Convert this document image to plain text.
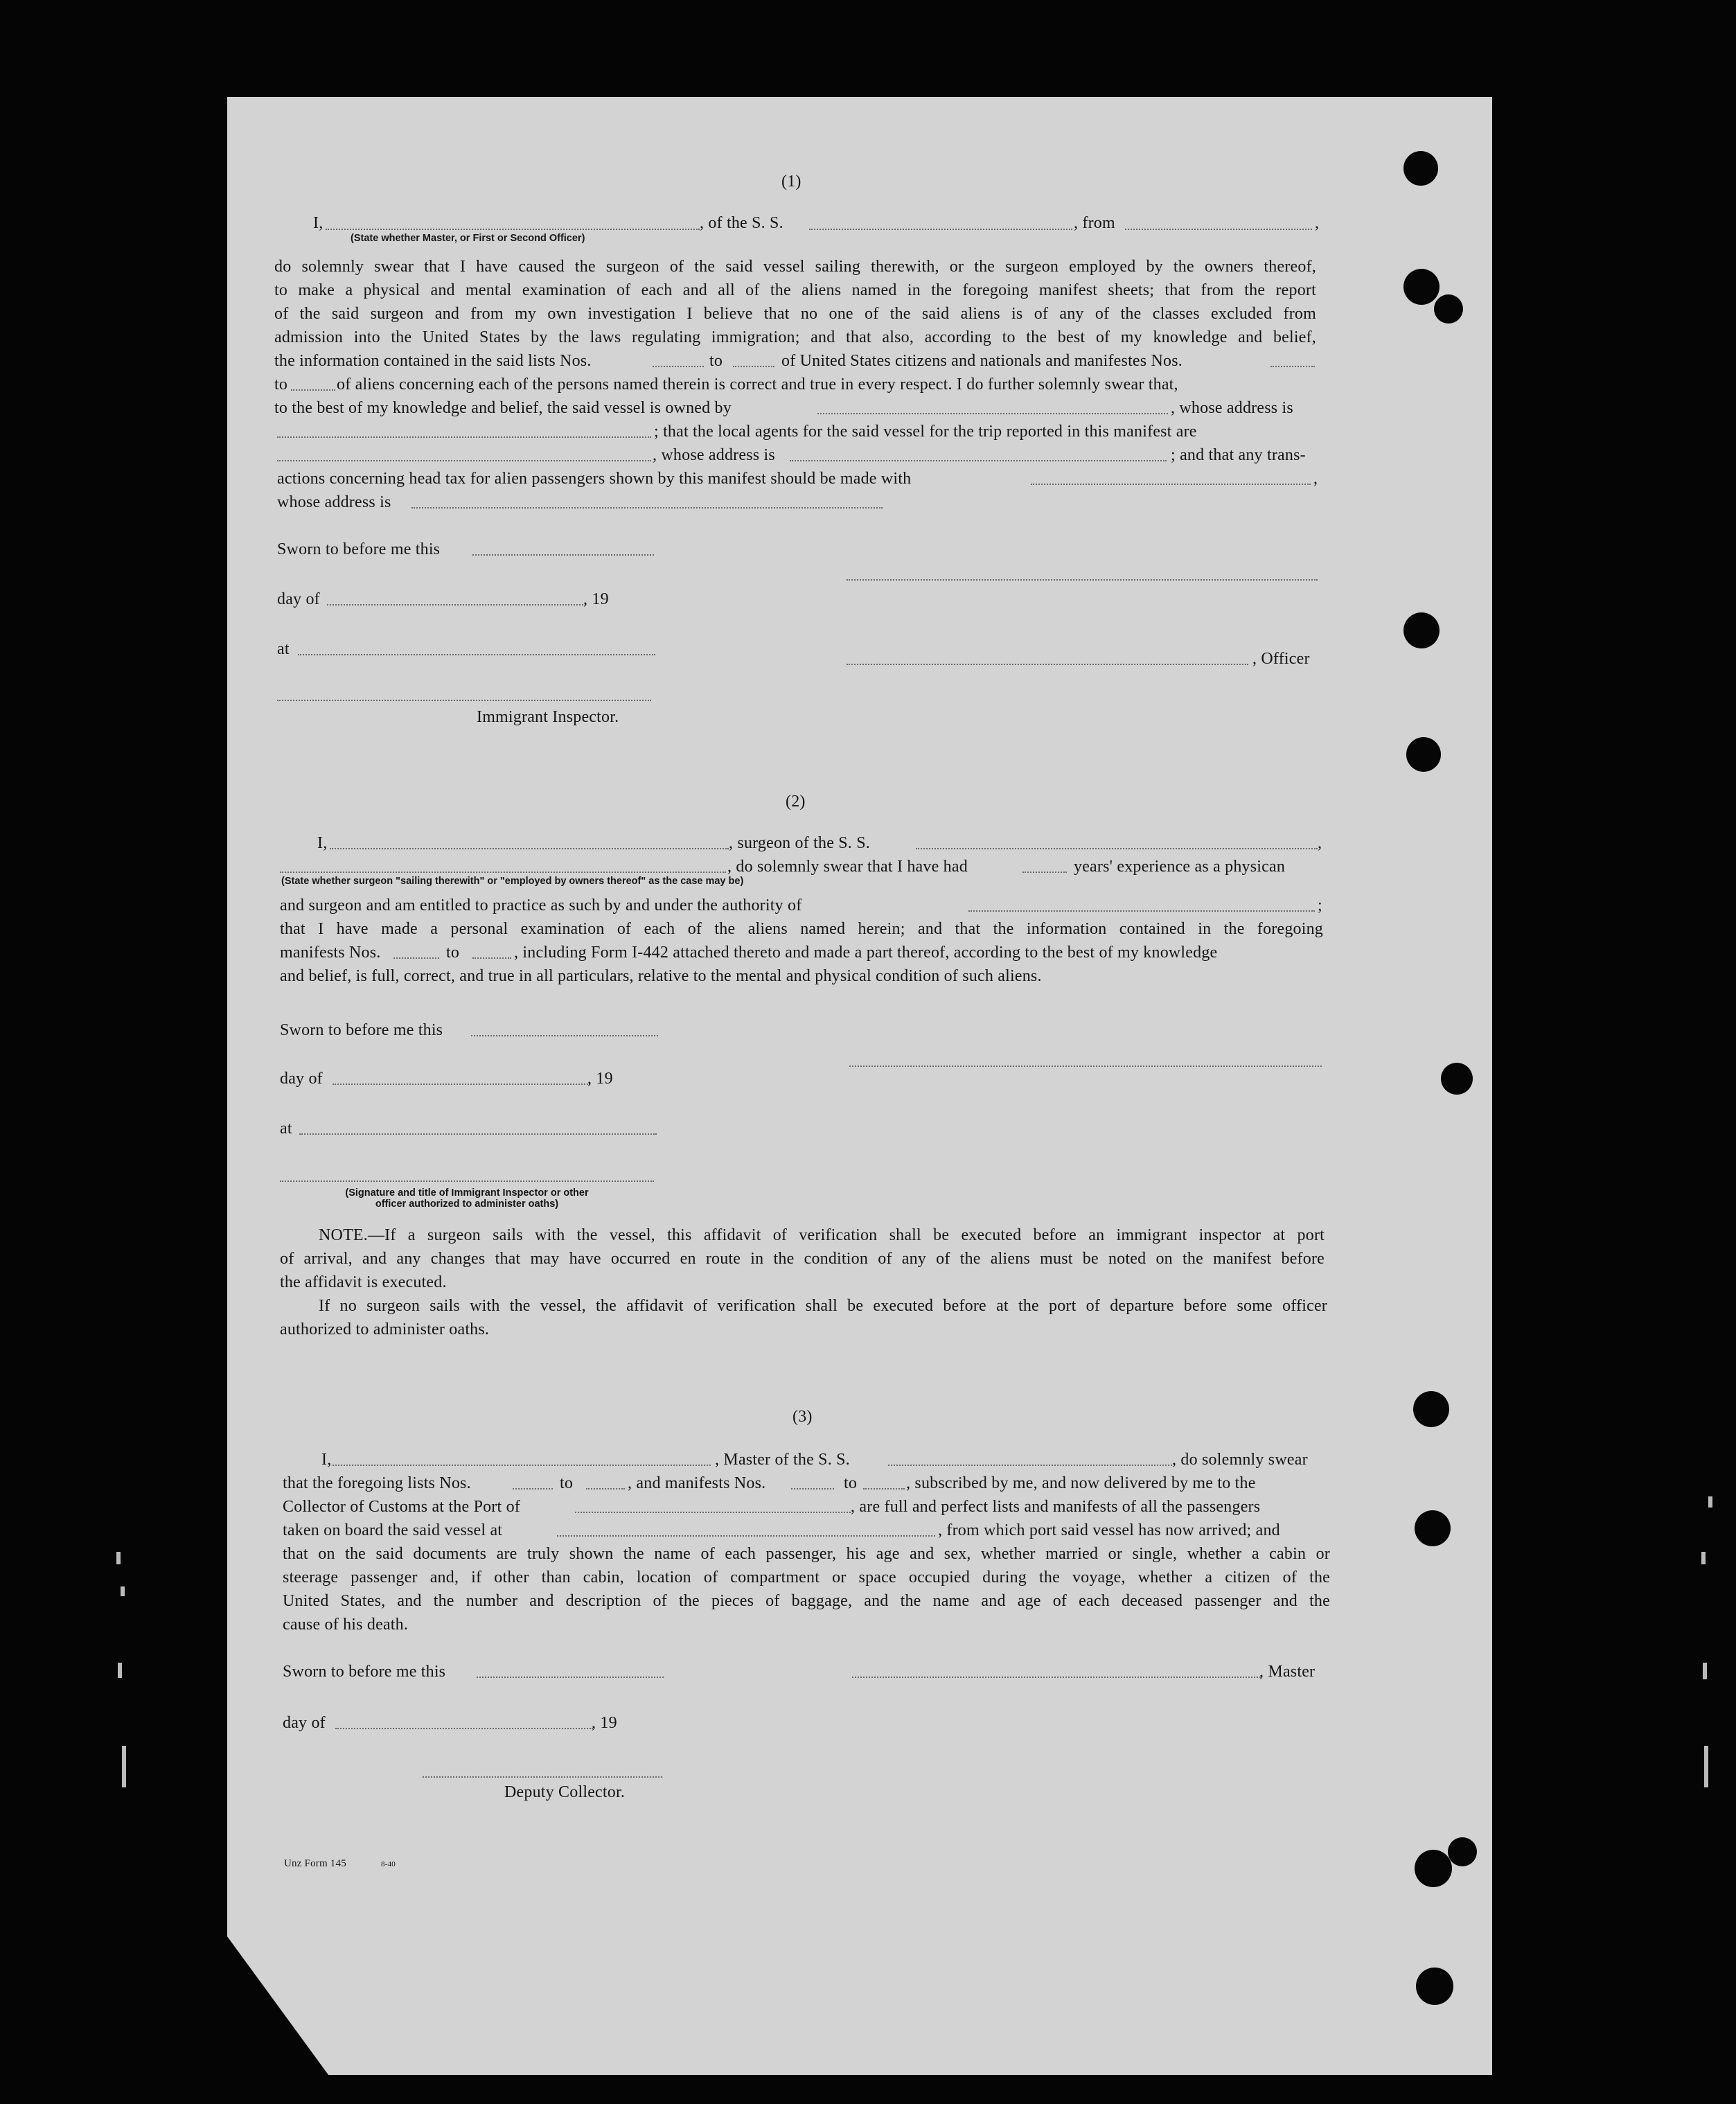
(1)
I,	, of the S. S.	, from	,
(State whether Master, or First or Second Officer)
do solemnly swear that I have caused the surgeon of the said vessel sailing therewith, or the surgeon employed by the owners thereof,
to make a physical and mental examination of each and all of the aliens named in the foregoing manifest sheets; that from the report
of the said surgeon and from my own investigation I believe that no one of the said aliens is of any of the classes excluded from
admission into the United States by the laws regulating immigration; and that also, according to the best of my knowledge and belief,
the information contained in the said lists Nos.	to	of United States citizens and nationals and manifestes Nos.
to	of aliens concerning each of the persons named therein is correct and true in every respect. I do further solemnly swear that,
to the best of my knowledge and belief, the said vessel is owned by	, whose address is
; that the local agents for the said vessel for the trip reported in this manifest are
, whose address is	; and that any trans-
actions concerning head tax for alien passengers shown by this manifest should be made with	,
whose address is
Sworn to before me this
day of	, 19
at
, Officer
Immigrant Inspector.
(2)
I,	, surgeon of the S. S.	,
, do solemnly swear that I have had	years' experience as a physican
(State whether surgeon "sailing therewith" or "employed by owners thereof" as the case may be)
and surgeon and am entitled to practice as such by and under the authority of	;
that I have made a personal examination of each of the aliens named herein; and that the information contained in the foregoing
manifests Nos.	to	, including Form I-442 attached thereto and made a part thereof, according to the best of my knowledge
and belief, is full, correct, and true in all particulars, relative to the mental and physical condition of such aliens.
Sworn to before me this
day of	, 19
at
(Signature and title of Immigrant Inspector or other
officer authorized to administer oaths)
NOTE.—If a surgeon sails with the vessel, this affidavit of verification shall be executed before an immigrant inspector at port
of arrival, and any changes that may have occurred en route in the condition of any of the aliens must be noted on the manifest before
the affidavit is executed.
If no surgeon sails with the vessel, the affidavit of verification shall be executed before at the port of departure before some officer
authorized to administer oaths.
(3)
I,	, Master of the S. S.	, do solemnly swear
that the foregoing lists Nos.	to	, and manifests Nos.	to	, subscribed by me, and now delivered by me to the
Collector of Customs at the Port of	, are full and perfect lists and manifests of all the passengers
taken on board the said vessel at	, from which port said vessel has now arrived; and
that on the said documents are truly shown the name of each passenger, his age and sex, whether married or single, whether a cabin or
steerage passenger and, if other than cabin, location of compartment or space occupied during the voyage, whether a citizen of the
United States, and the number and description of the pieces of baggage, and the name and age of each deceased passenger and the
cause of his death.
Sworn to before me this	, Master
day of	, 19
Deputy Collector.
Unz Form 145	8-40
